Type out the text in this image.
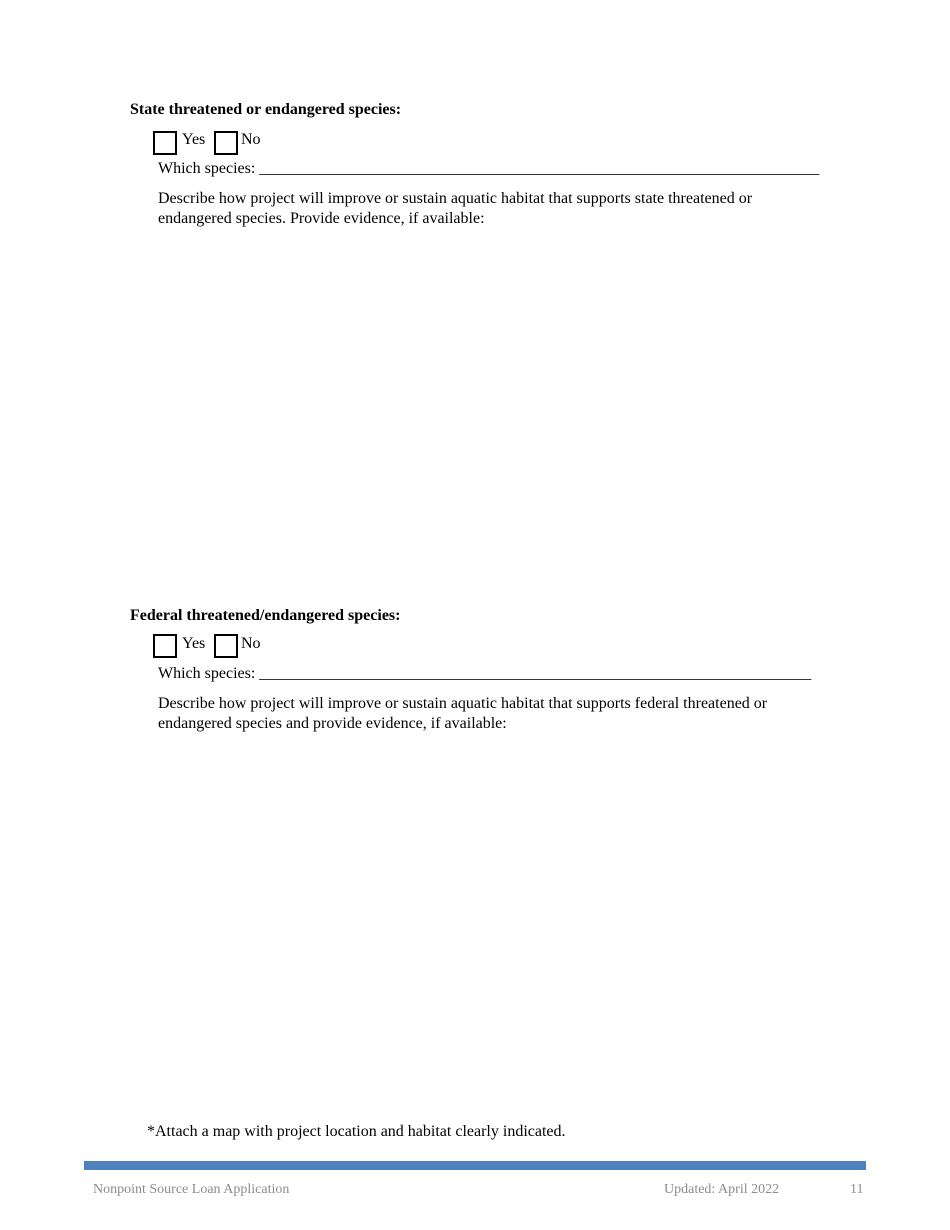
State threatened or endangered species:
Yes No
Which species: ______________________________________________________________________
Describe how project will improve or sustain aquatic habitat that supports state threatened or
endangered species. Provide evidence, if available:
Federal threatened/endangered species:
Yes No
Which species: _____________________________________________________________________
Describe how project will improve or sustain aquatic habitat that supports federal threatened or
endangered species and provide evidence, if available:
*Attach a map with project location and habitat clearly indicated.
Nonpoint Source Loan Application	Updated: April 2022	11
